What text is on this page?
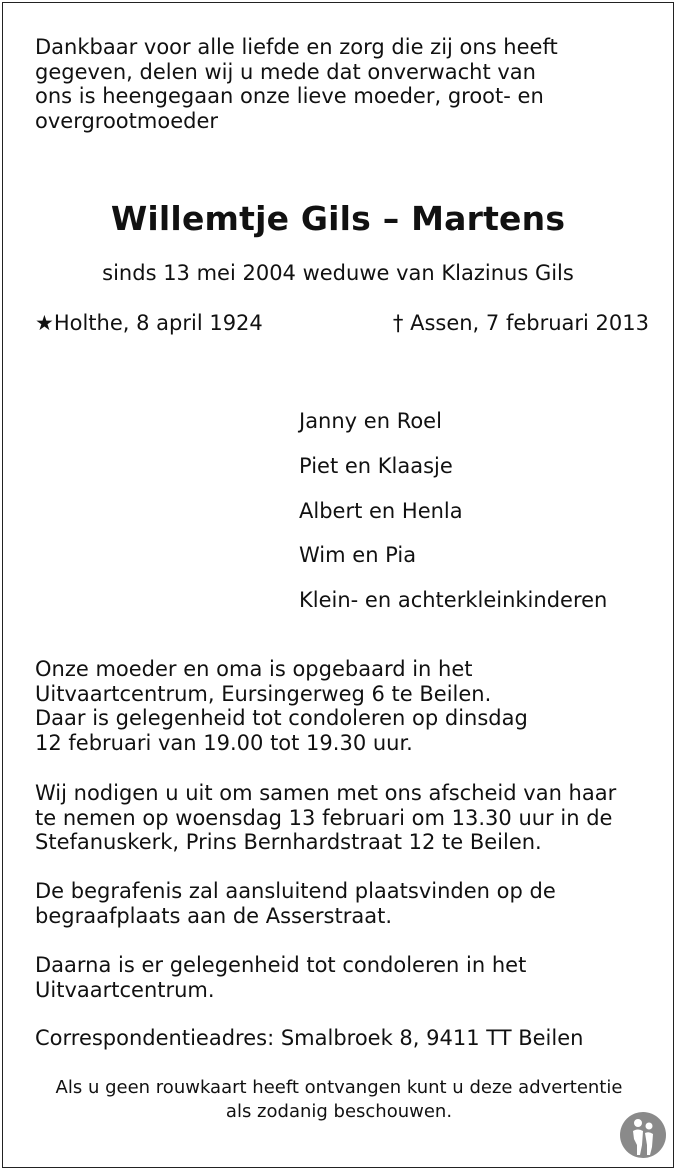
Dankbaar voor alle liefde en zorg die zij ons heeft
gegeven, delen wij u mede dat onverwacht van
ons is heengegaan onze lieve moeder, groot- en
overgrootmoeder
Willemtje Gils – Martens
sinds 13 mei 2004 weduwe van Klazinus Gils
★Holthe, 8 april 1924	† Assen, 7 februari 2013
Janny en Roel
Piet en Klaasje
Albert en Henla
Wim en Pia
Klein- en achterkleinkinderen
Onze moeder en oma is opgebaard in het
Uitvaartcentrum, Eursingerweg 6 te Beilen.
Daar is gelegenheid tot condoleren op dinsdag
12 februari van 19.00 tot 19.30 uur.
Wij nodigen u uit om samen met ons afscheid van haar
te nemen op woensdag 13 februari om 13.30 uur in de
Stefanuskerk, Prins Bernhardstraat 12 te Beilen.
De begrafenis zal aansluitend plaatsvinden op de
begraafplaats aan de Asserstraat.
Daarna is er gelegenheid tot condoleren in het
Uitvaartcentrum.
Correspondentieadres: Smalbroek 8, 9411 TT Beilen
Als u geen rouwkaart heeft ontvangen kunt u deze advertentie
als zodanig beschouwen.
